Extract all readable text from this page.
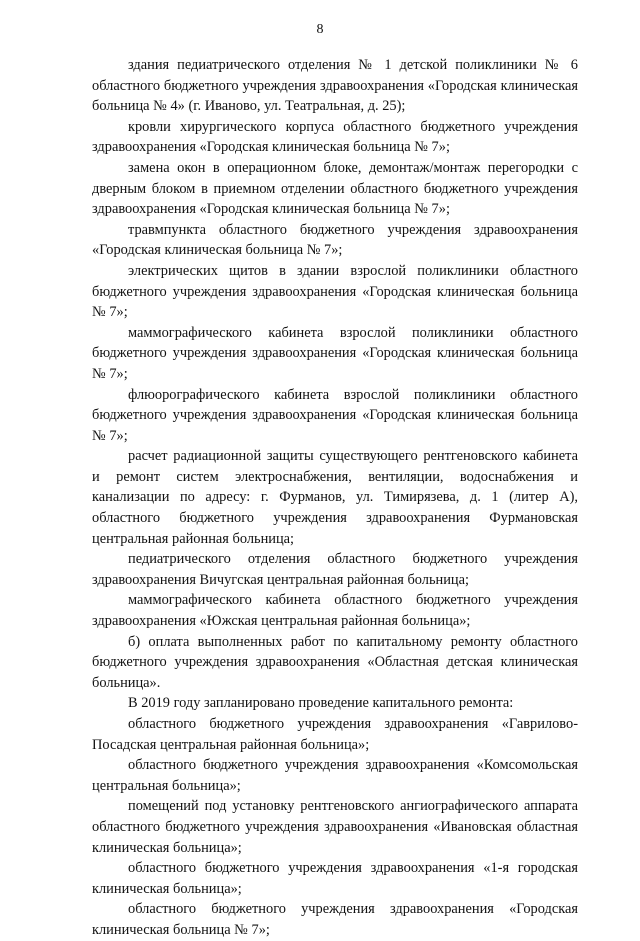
8

здания педиатрического отделения № 1 детской поликлиники № 6 областного бюджетного учреждения здравоохранения «Городская клиническая больница № 4» (г. Иваново, ул. Театральная, д. 25);

кровли хирургического корпуса областного бюджетного учреждения здравоохранения «Городская клиническая больница № 7»;

замена окон в операционном блоке, демонтаж/монтаж перегородки с дверным блоком в приемном отделении областного бюджетного учреждения здравоохранения «Городская клиническая больница № 7»;

травмпункта областного бюджетного учреждения здравоохранения «Городская клиническая больница № 7»;

электрических щитов в здании взрослой поликлиники областного бюджетного учреждения здравоохранения «Городская клиническая больница № 7»;

маммографического кабинета взрослой поликлиники областного бюджетного учреждения здравоохранения «Городская клиническая больница № 7»;

флюорографического кабинета взрослой поликлиники областного бюджетного учреждения здравоохранения «Городская клиническая больница № 7»;

расчет радиационной защиты существующего рентгеновского кабинета и ремонт систем электроснабжения, вентиляции, водоснабжения и канализации по адресу: г. Фурманов, ул. Тимирязева, д. 1 (литер А), областного бюджетного учреждения здравоохранения Фурмановская центральная районная больница;

педиатрического отделения областного бюджетного учреждения здравоохранения Вичугская центральная районная больница;

маммографического кабинета областного бюджетного учреждения здравоохранения «Южская центральная районная больница»;

б) оплата выполненных работ по капитальному ремонту областного бюджетного учреждения здравоохранения «Областная детская клиническая больница».

В 2019 году запланировано проведение капитального ремонта:

областного бюджетного учреждения здравоохранения «Гаврилово-Посадская центральная районная больница»;

областного бюджетного учреждения здравоохранения «Комсомольская центральная больница»;

помещений под установку рентгеновского ангиографического аппарата областного бюджетного учреждения здравоохранения «Ивановская областная клиническая больница»;

областного бюджетного учреждения здравоохранения «1-я городская клиническая больница»;

областного бюджетного учреждения здравоохранения «Городская клиническая больница № 7»;
